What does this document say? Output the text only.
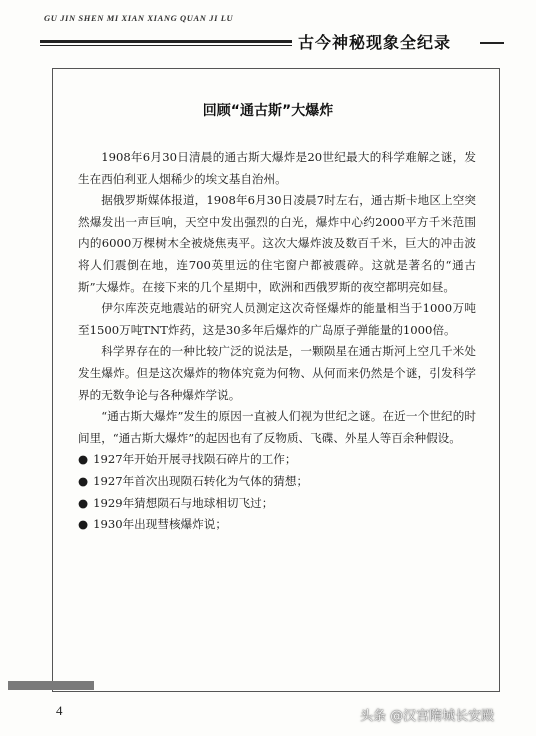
GU JIN SHEN MI XIAN XIANG QUAN JI LU
古今神秘现象全纪录
回顾“通古斯”大爆炸

1908年6月30日清晨的通古斯大爆炸是20世纪最大的科学难解之谜，发生在西伯利亚人烟稀少的埃文基自治州。

据俄罗斯媒体报道，1908年6月30日凌晨7时左右，通古斯卡地区上空突然爆发出一声巨响，天空中发出强烈的白光，爆炸中心约2000平方千米范围内的6000万棵树木全被烧焦夷平。这次大爆炸波及数百千米，巨大的冲击波将人们震倒在地，连700英里远的住宅窗户都被震碎。这就是著名的“通古斯”大爆炸。在接下来的几个星期中，欧洲和西俄罗斯的夜空都明亮如昼。

伊尔库茨克地震站的研究人员测定这次奇怪爆炸的能量相当于1000万吨至1500万吨TNT炸药，这是30多年后爆炸的广岛原子弹能量的1000倍。

科学界存在的一种比较广泛的说法是，一颗陨星在通古斯河上空几千米处发生爆炸。但是这次爆炸的物体究竟为何物、从何而来仍然是个谜，引发科学界的无数争论与各种爆炸学说。

“通古斯大爆炸”发生的原因一直被人们视为世纪之谜。在近一个世纪的时间里，“通古斯大爆炸”的起因也有了反物质、飞碟、外星人等百余种假设。

● 1927年开始开展寻找陨石碎片的工作；
● 1927年首次出现陨石转化为气体的猜想；
● 1929年猜想陨石与地球相切飞过；
● 1930年出现彗核爆炸说；
4	头条 @汉宫隋城长安殿
